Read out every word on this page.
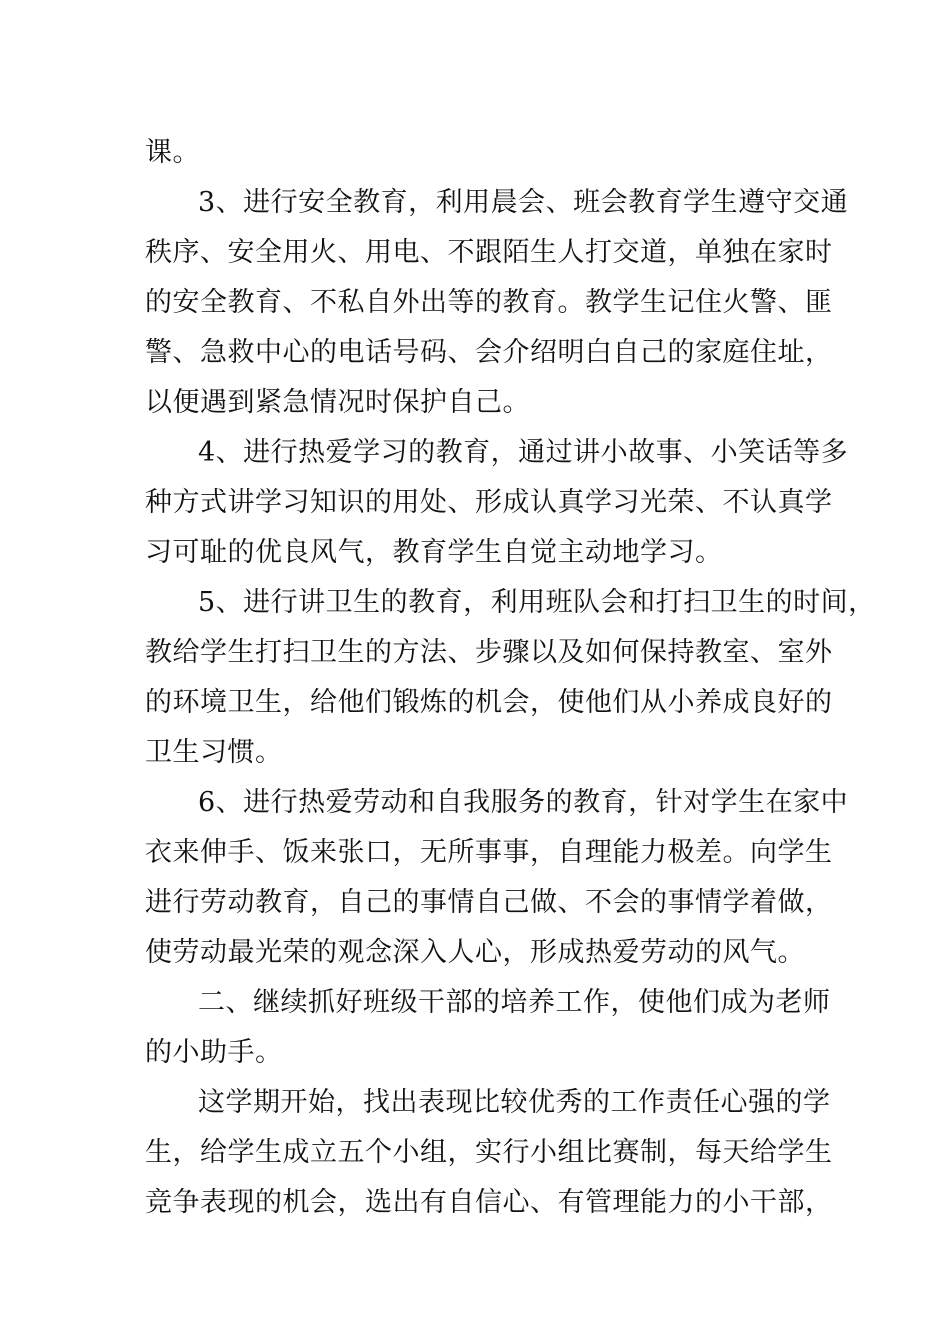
课。
3、进行安全教育，利用晨会、班会教育学生遵守交通
秩序、安全用火、用电、不跟陌生人打交道，单独在家时
的安全教育、不私自外出等的教育。教学生记住火警、匪
警、急救中心的电话号码、会介绍明白自己的家庭住址，
以便遇到紧急情况时保护自己。
4、进行热爱学习的教育，通过讲小故事、小笑话等多
种方式讲学习知识的用处、形成认真学习光荣、不认真学
习可耻的优良风气，教育学生自觉主动地学习。
5、进行讲卫生的教育，利用班队会和打扫卫生的时间，
教给学生打扫卫生的方法、步骤以及如何保持教室、室外
的环境卫生，给他们锻炼的机会，使他们从小养成良好的
卫生习惯。
6、进行热爱劳动和自我服务的教育，针对学生在家中
衣来伸手、饭来张口，无所事事，自理能力极差。向学生
进行劳动教育，自己的事情自己做、不会的事情学着做，
使劳动最光荣的观念深入人心，形成热爱劳动的风气。
二、继续抓好班级干部的培养工作，使他们成为老师
的小助手。
这学期开始，找出表现比较优秀的工作责任心强的学
生，给学生成立五个小组，实行小组比赛制，每天给学生
竞争表现的机会，选出有自信心、有管理能力的小干部，
